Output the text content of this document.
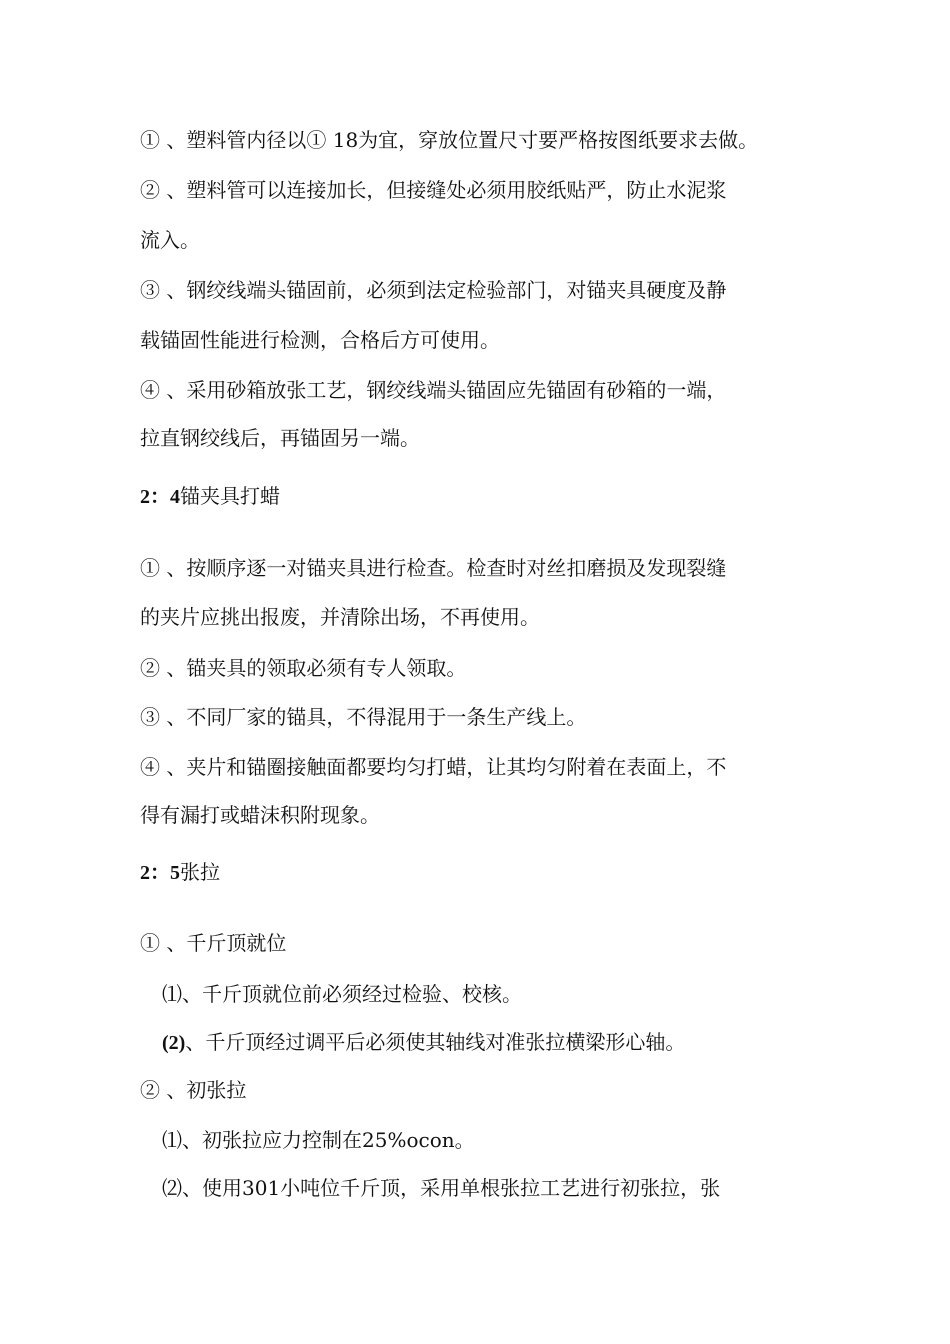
① 、塑料管内径以① 18为宜，穿放位置尺寸要严格按图纸要求去做。
② 、塑料管可以连接加长，但接缝处必须用胶纸贴严，防止水泥浆
流入。
③ 、钢绞线端头锚固前，必须到法定检验部门，对锚夹具硬度及静
载锚固性能进行检测，合格后方可使用。
④ 、采用砂箱放张工艺，钢绞线端头锚固应先锚固有砂箱的一端，
拉直钢绞线后，再锚固另一端。
2：4锚夹具打蜡
① 、按顺序逐一对锚夹具进行检查。检查时对丝扣磨损及发现裂缝
的夹片应挑出报废，并清除出场，不再使用。
② 、锚夹具的领取必须有专人领取。
③ 、不同厂家的锚具，不得混用于一条生产线上。
④ 、夹片和锚圈接触面都要均匀打蜡，让其均匀附着在表面上，不
得有漏打或蜡沫积附现象。
2：5张拉
① 、千斤顶就位
⑴、千斤顶就位前必须经过检验、校核。
(2)、千斤顶经过调平后必须使其轴线对准张拉横梁形心轴。
② 、初张拉
⑴、初张拉应力控制在25%ocon。
⑵、使用301小吨位千斤顶，采用单根张拉工艺进行初张拉，张
